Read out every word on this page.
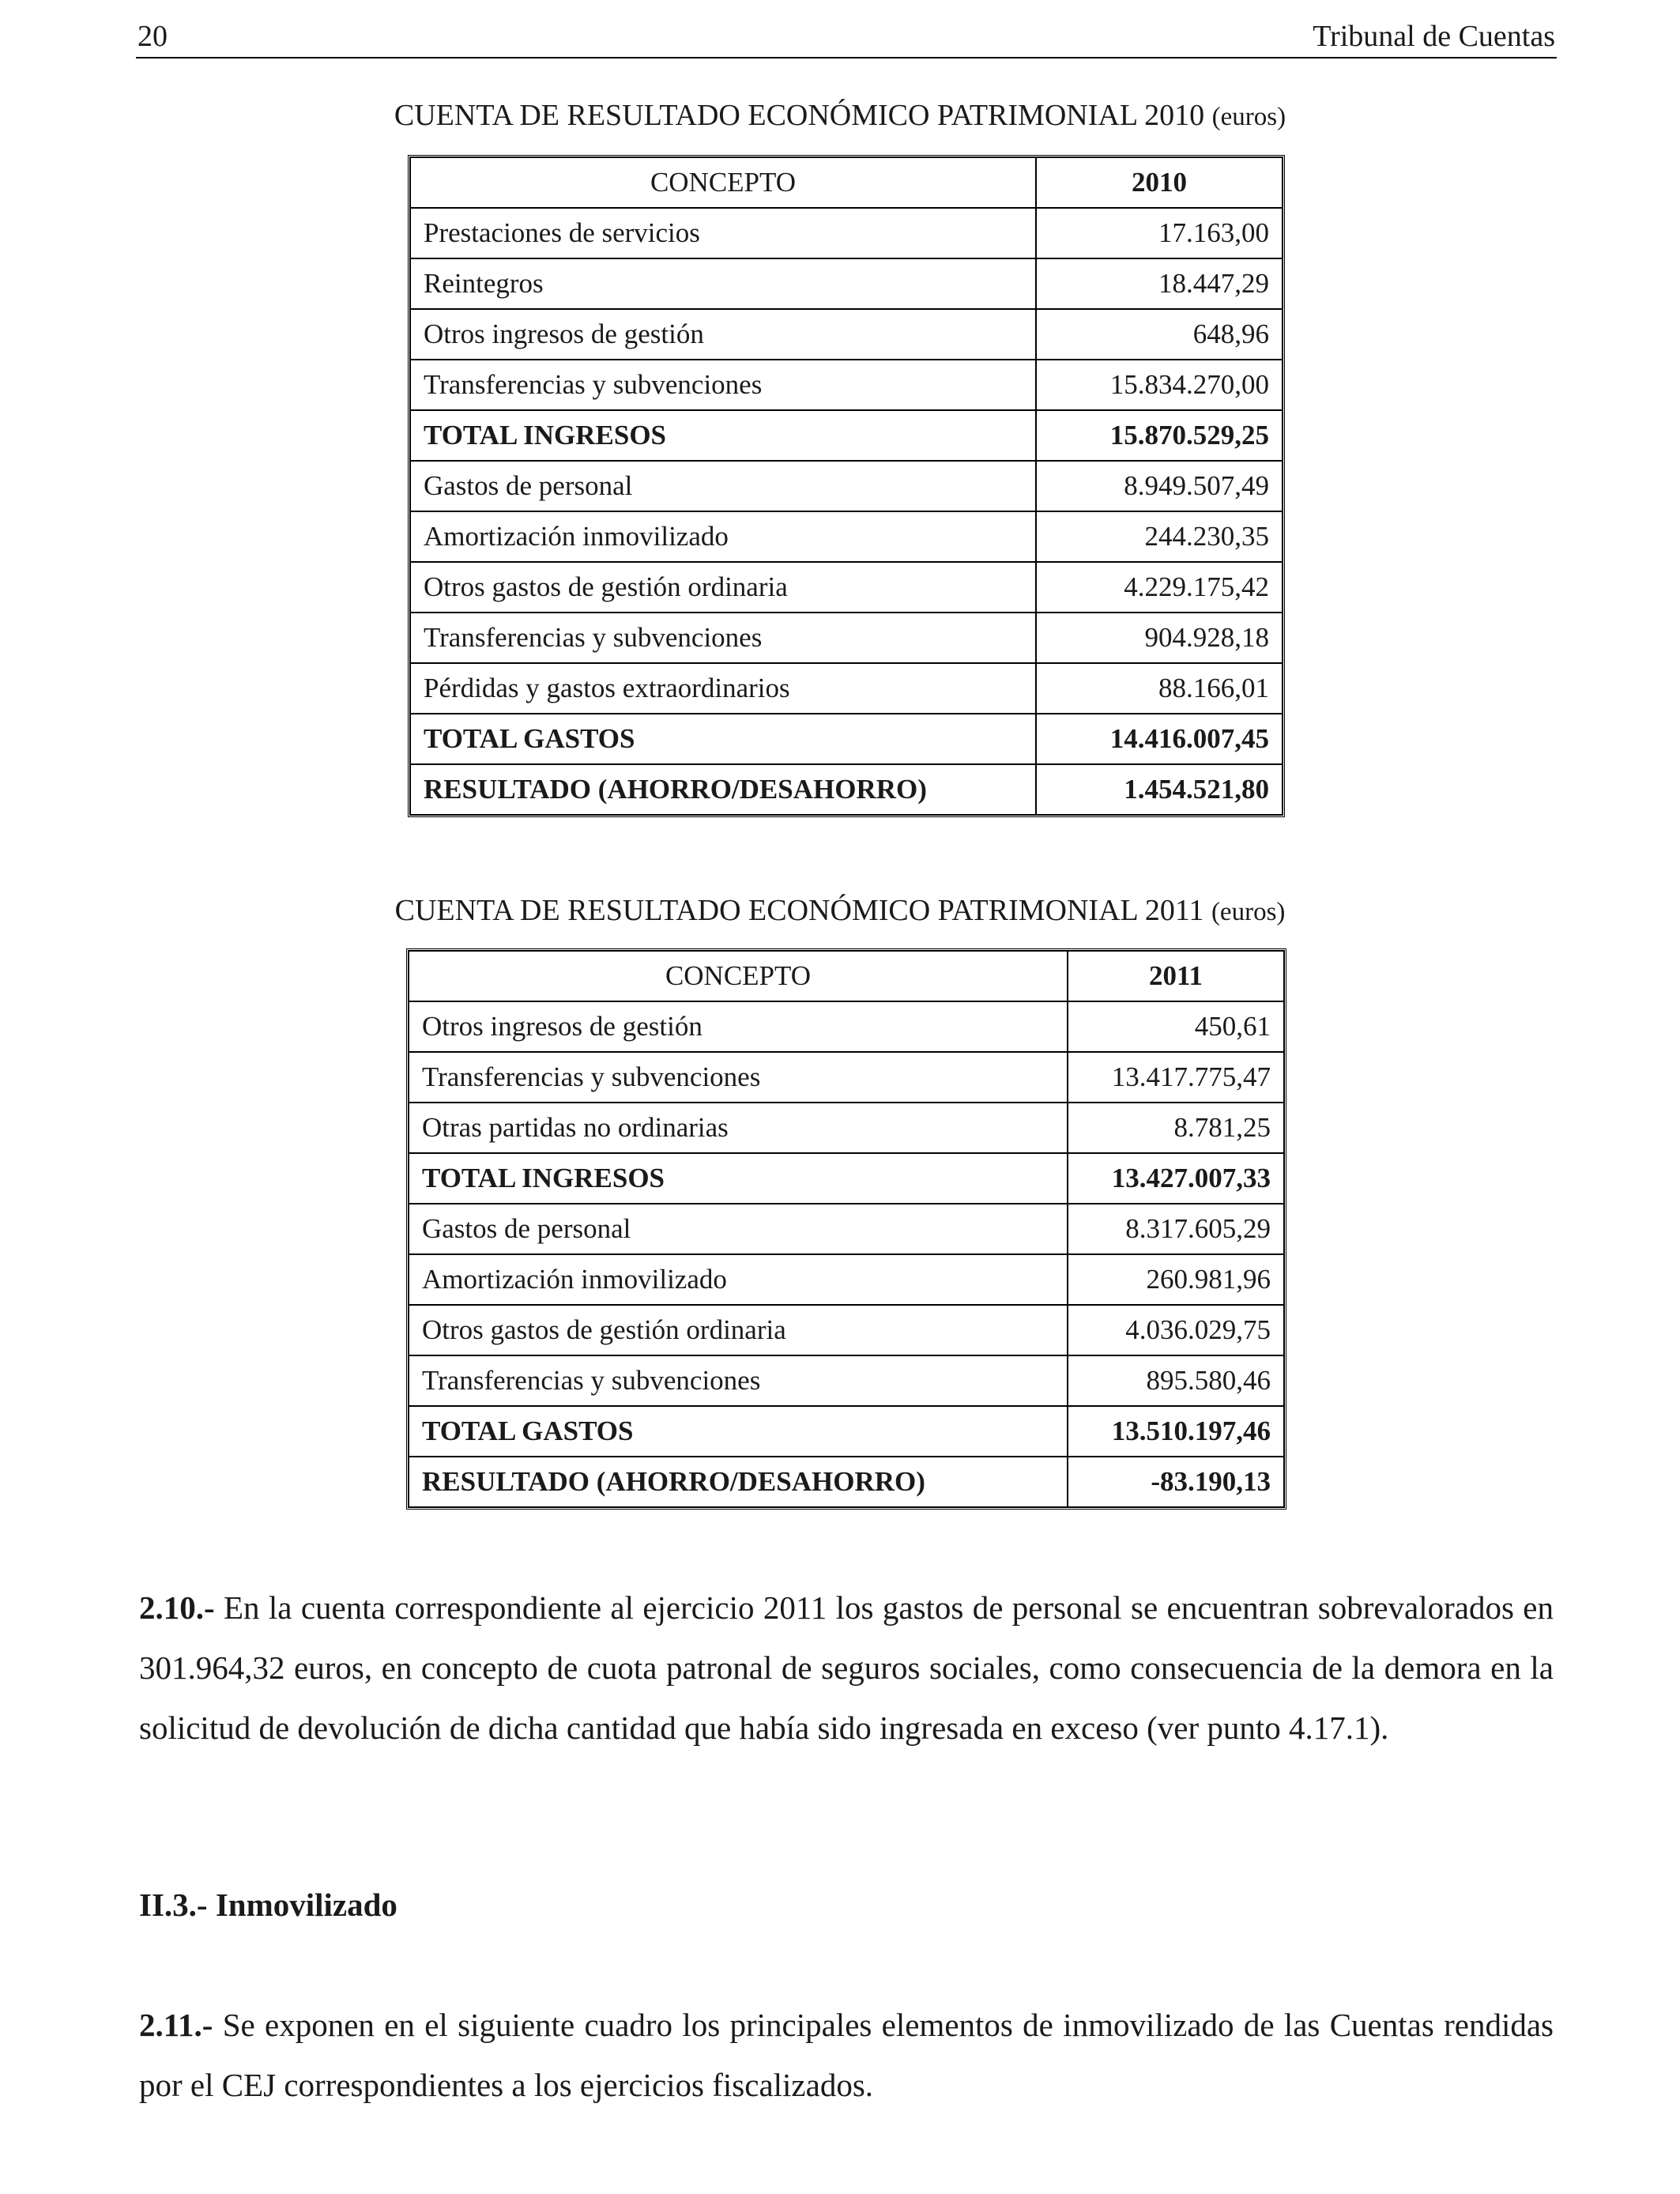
20	Tribunal de Cuentas
CUENTA DE RESULTADO ECONÓMICO PATRIMONIAL 2010 (euros)
CONCEPTO	2010
Prestaciones de servicios	17.163,00
Reintegros	18.447,29
Otros ingresos de gestión	648,96
Transferencias y subvenciones	15.834.270,00
TOTAL INGRESOS	15.870.529,25
Gastos de personal	8.949.507,49
Amortización inmovilizado	244.230,35
Otros gastos de gestión ordinaria	4.229.175,42
Transferencias y subvenciones	904.928,18
Pérdidas y gastos extraordinarios	88.166,01
TOTAL GASTOS	14.416.007,45
RESULTADO (AHORRO/DESAHORRO)	1.454.521,80
CUENTA DE RESULTADO ECONÓMICO PATRIMONIAL 2011 (euros)
CONCEPTO	2011
Otros ingresos de gestión	450,61
Transferencias y subvenciones	13.417.775,47
Otras partidas no ordinarias	8.781,25
TOTAL INGRESOS	13.427.007,33
Gastos de personal	8.317.605,29
Amortización inmovilizado	260.981,96
Otros gastos de gestión ordinaria	4.036.029,75
Transferencias y subvenciones	895.580,46
TOTAL GASTOS	13.510.197,46
RESULTADO (AHORRO/DESAHORRO)	-83.190,13
2.10.- En la cuenta correspondiente al ejercicio 2011 los gastos de personal se encuentran sobrevalorados en 301.964,32 euros, en concepto de cuota patronal de seguros sociales, como consecuencia de la demora en la solicitud de devolución de dicha cantidad que había sido ingresada en exceso (ver punto 4.17.1).
II.3.- Inmovilizado
2.11.- Se exponen en el siguiente cuadro los principales elementos de inmovilizado de las Cuentas rendidas por el CEJ correspondientes a los ejercicios fiscalizados.
